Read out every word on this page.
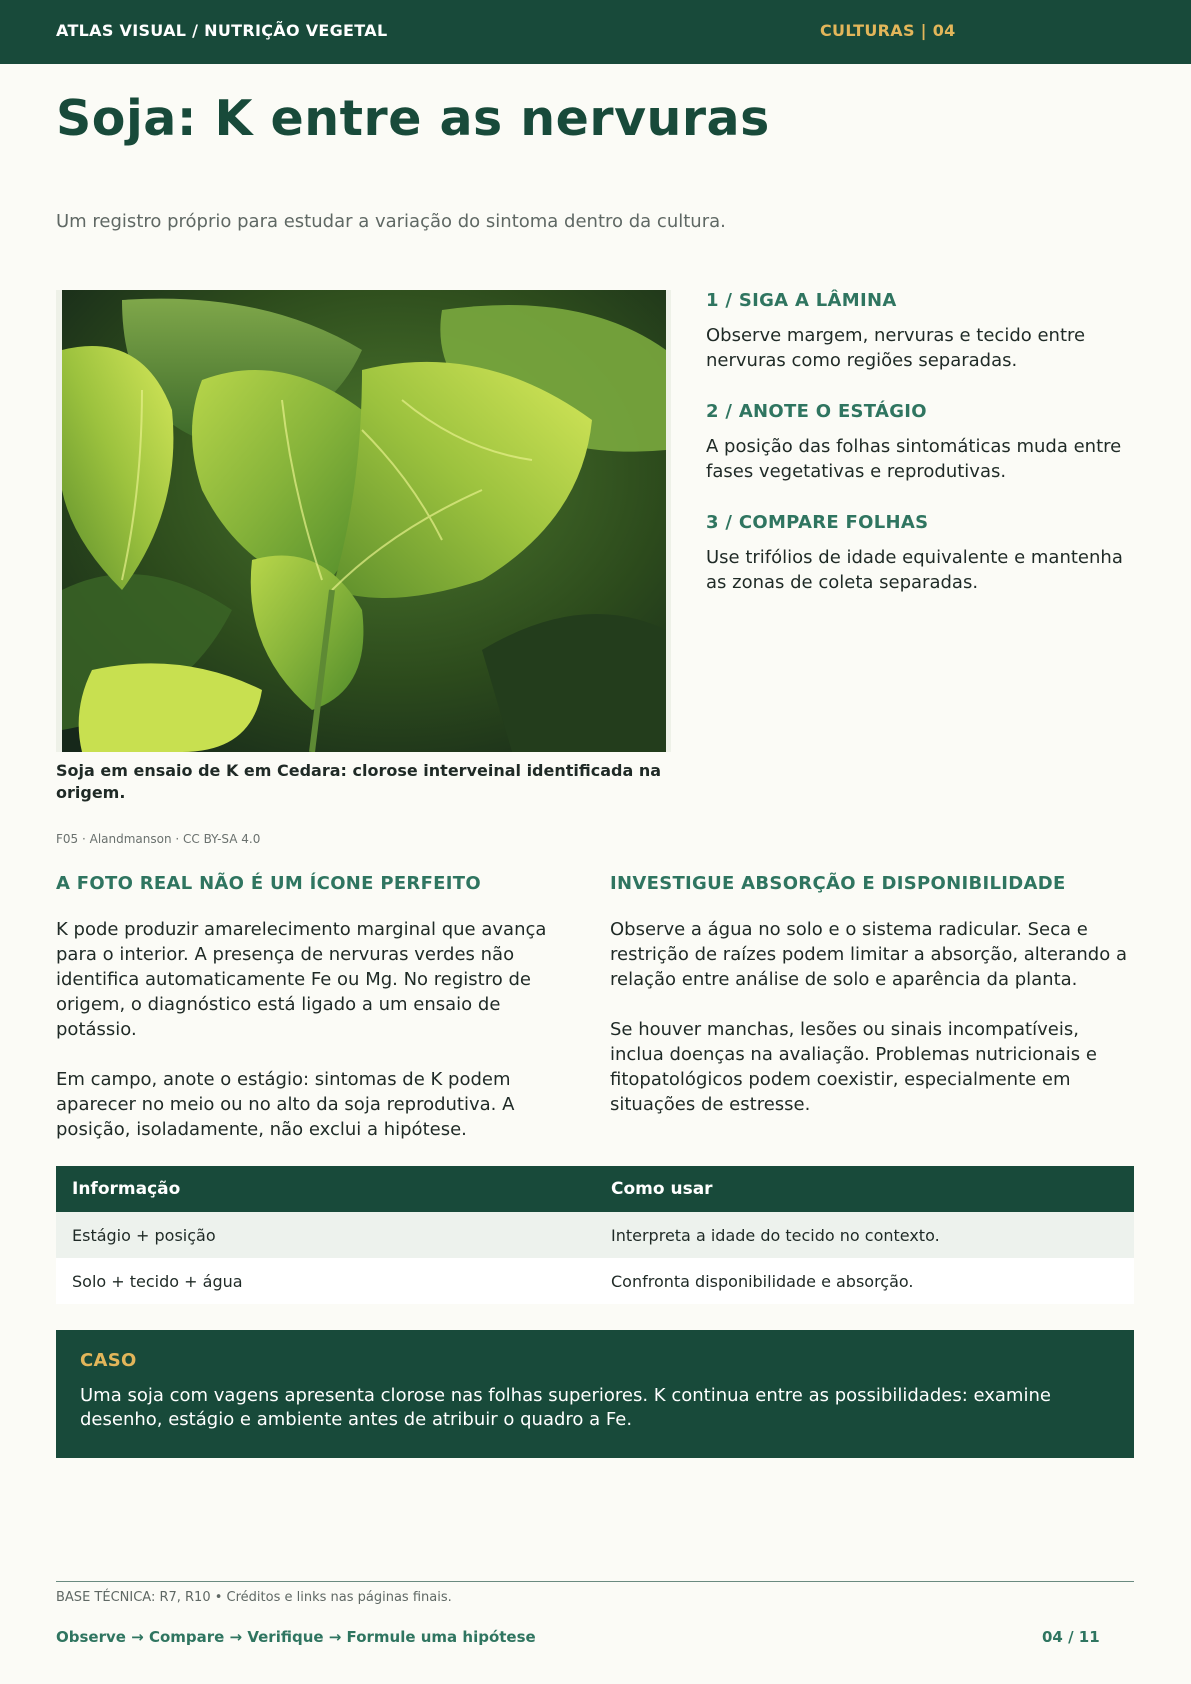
ATLAS VISUAL / NUTRIÇÃO VEGETAL	CULTURAS | 04
Soja: K entre as nervuras

Um registro próprio para estudar a variação do sintoma dentro da cultura.

Soja em ensaio de K em Cedara: clorose interveinal identificada na origem.

F05 · Alandmanson · CC BY-SA 4.0

1 / SIGA A LÂMINA

Observe margem, nervuras e tecido entre nervuras como regiões separadas.

2 / ANOTE O ESTÁGIO

A posição das folhas sintomáticas muda entre fases vegetativas e reprodutivas.

3 / COMPARE FOLHAS

Use trifólios de idade equivalente e mantenha as zonas de coleta separadas.

A FOTO REAL NÃO É UM ÍCONE PERFEITO

K pode produzir amarelecimento marginal que avança para o interior. A presença de nervuras verdes não identifica automaticamente Fe ou Mg. No registro de origem, o diagnóstico está ligado a um ensaio de potássio.

Em campo, anote o estágio: sintomas de K podem aparecer no meio ou no alto da soja reprodutiva. A posição, isoladamente, não exclui a hipótese.

INVESTIGUE ABSORÇÃO E DISPONIBILIDADE

Observe a água no solo e o sistema radicular. Seca e restrição de raízes podem limitar a absorção, alterando a relação entre análise de solo e aparência da planta.

Se houver manchas, lesões ou sinais incompatíveis, inclua doenças na avaliação. Problemas nutricionais e fitopatológicos podem coexistir, especialmente em situações de estresse.

Informação	Como usar
Estágio + posição	Interpreta a idade do tecido no contexto.
Solo + tecido + água	Confronta disponibilidade e absorção.
CASO

Uma soja com vagens apresenta clorose nas folhas superiores. K continua entre as possibilidades: examine desenho, estágio e ambiente antes de atribuir o quadro a Fe.

BASE TÉCNICA: R7, R10 • Créditos e links nas páginas finais.

Observe → Compare → Verifique → Formule uma hipótese	04 / 11
